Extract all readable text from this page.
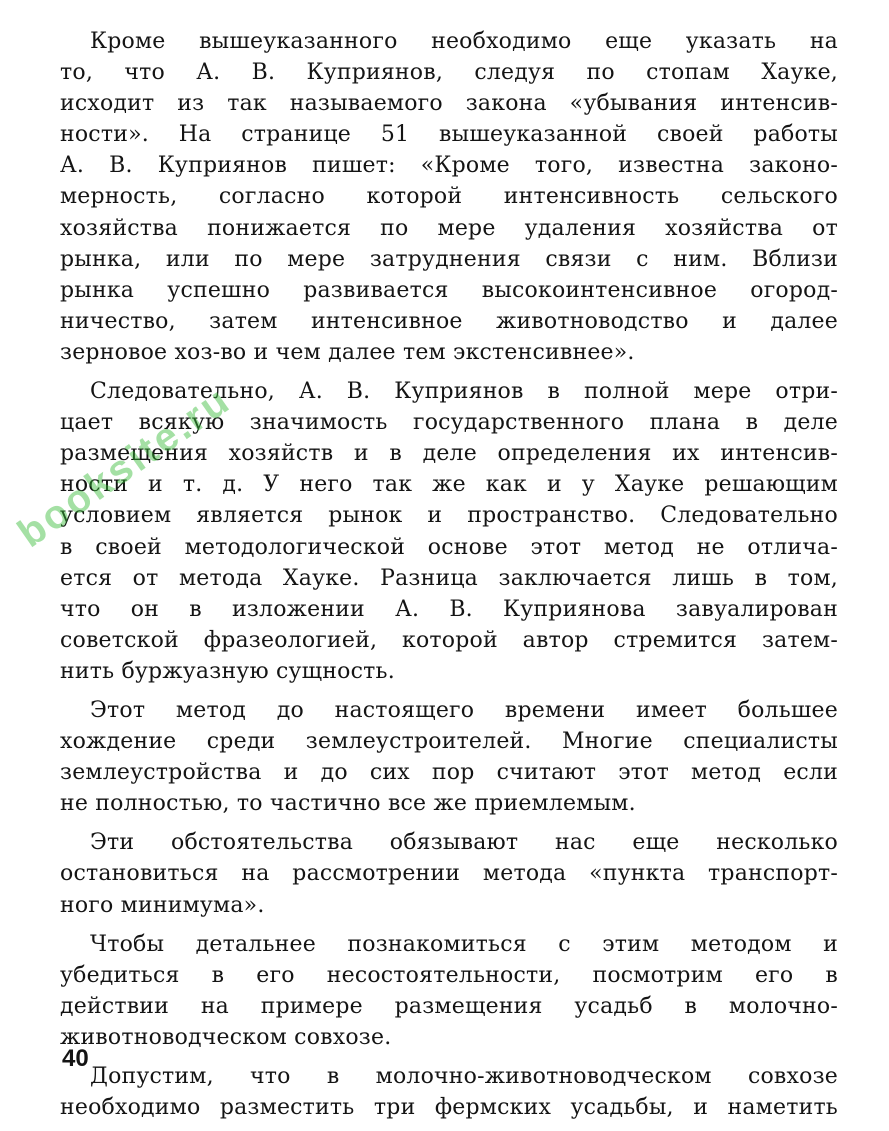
Кроме вышеуказанного необходимо еще указать на
то, что А. В. Куприянов, следуя по стопам Хауке,
исходит из так называемого закона «убывания интенсив-
ности». На странице 51 вышеуказанной своей работы
А. В. Куприянов пишет: «Кроме того, известна законо-
мерность, согласно которой интенсивность сельского
хозяйства понижается по мере удаления хозяйства от
рынка, или по мере затруднения связи с ним. Вблизи
рынка успешно развивается высокоинтенсивное огород-
ничество, затем интенсивное животноводство и далее
зерновое хоз-во и чем далее тем экстенсивнее».
Следовательно, А. В. Куприянов в полной мере отри-
цает всякую значимость государственного плана в деле
размещения хозяйств и в деле определения их интенсив-
ности и т. д. У него так же как и у Хауке решающим
условием является рынок и пространство. Следовательно
в своей методологической основе этот метод не отлича-
ется от метода Хауке. Разница заключается лишь в том,
что он в изложении А. В. Куприянова завуалирован
советской фразеологией, которой автор стремится затем-
нить буржуазную сущность.
Этот метод до настоящего времени имеет большее
хождение среди землеустроителей. Многие специалисты
землеустройства и до сих пор считают этот метод если
не полностью, то частично все же приемлемым.
Эти обстоятельства обязывают нас еще несколько
остановиться на рассмотрении метода «пункта транспорт-
ного минимума».
Чтобы детальнее познакомиться с этим методом и
убедиться в его несостоятельности, посмотрим его в
действии на примере размещения усадьб в молочно-
животноводческом совхозе.
Допустим, что в молочно-животноводческом совхозе
необходимо разместить три фермских усадьбы, и наметить
40
booksite.ru
